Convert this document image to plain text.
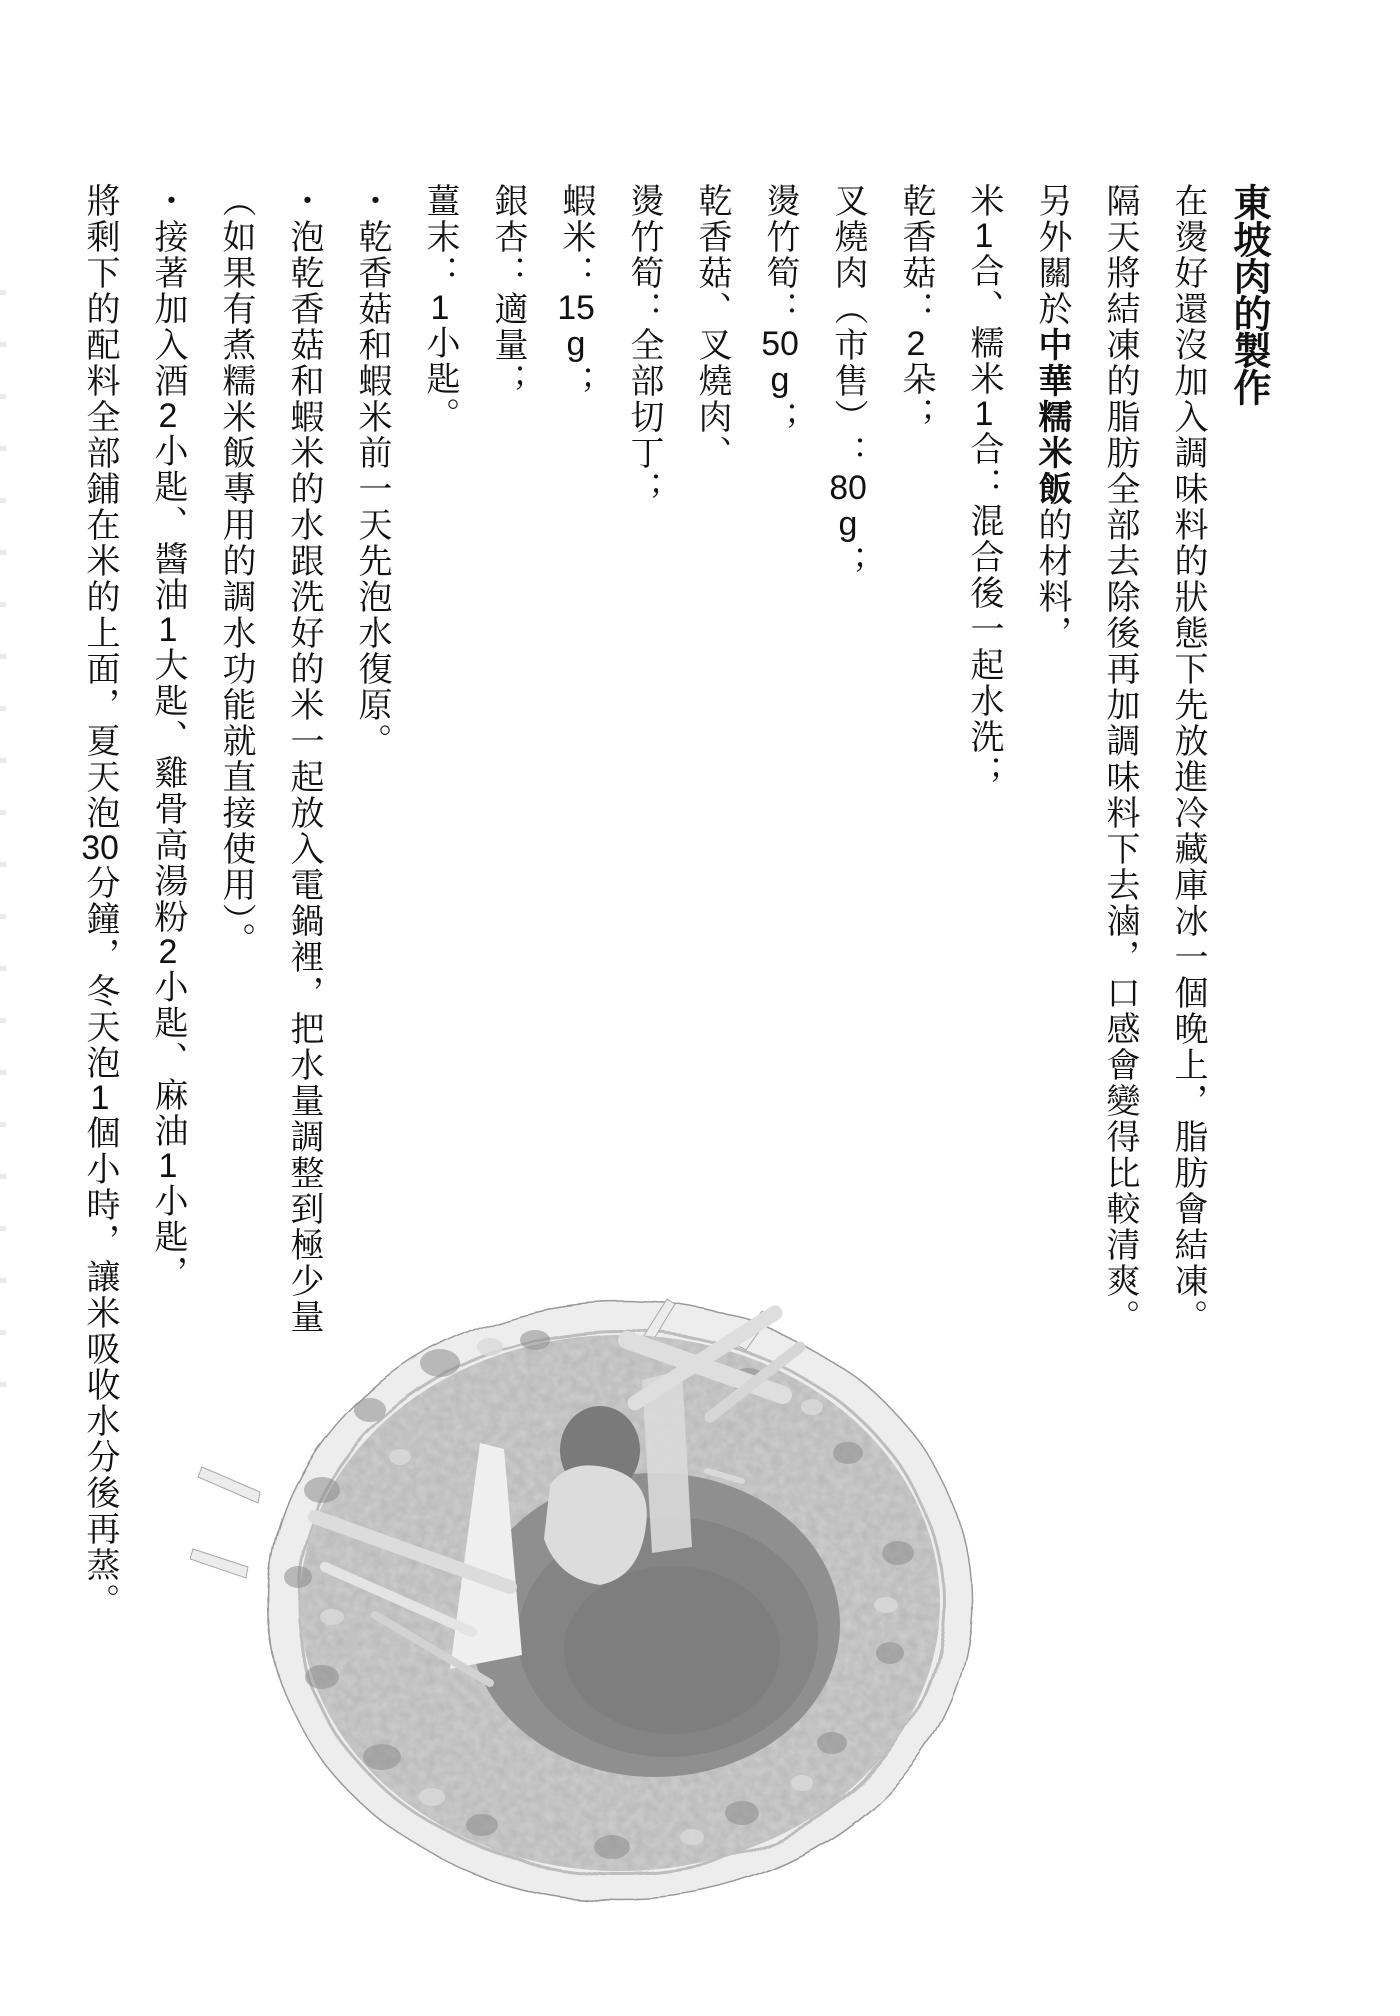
東坡肉的製作
在燙好還沒加入調味料的狀態下先放進冷藏庫冰一個晚上，脂肪會結凍。
隔天將結凍的脂肪全部去除後再加調味料下去滷，口感會變得比較清爽。
另外關於中華糯米飯的材料，
米1合、糯米1合：混合後一起水洗；
乾香菇：2朵；
叉燒肉（市售）：80g；
燙竹筍：50g；
乾香菇、叉燒肉、
燙竹筍：全部切丁；
蝦米：15g；
銀杏：適量；
薑末：1小匙。
・乾香菇和蝦米前一天先泡水復原。
・泡乾香菇和蝦米的水跟洗好的米一起放入電鍋裡，把水量調整到極少量
（如果有煮糯米飯專用的調水功能就直接使用）。
・接著加入酒2小匙、醬油1大匙、雞骨高湯粉2小匙、麻油1小匙，
將剩下的配料全部鋪在米的上面，夏天泡30分鐘，冬天泡1個小時，讓米吸收水分後再蒸。
